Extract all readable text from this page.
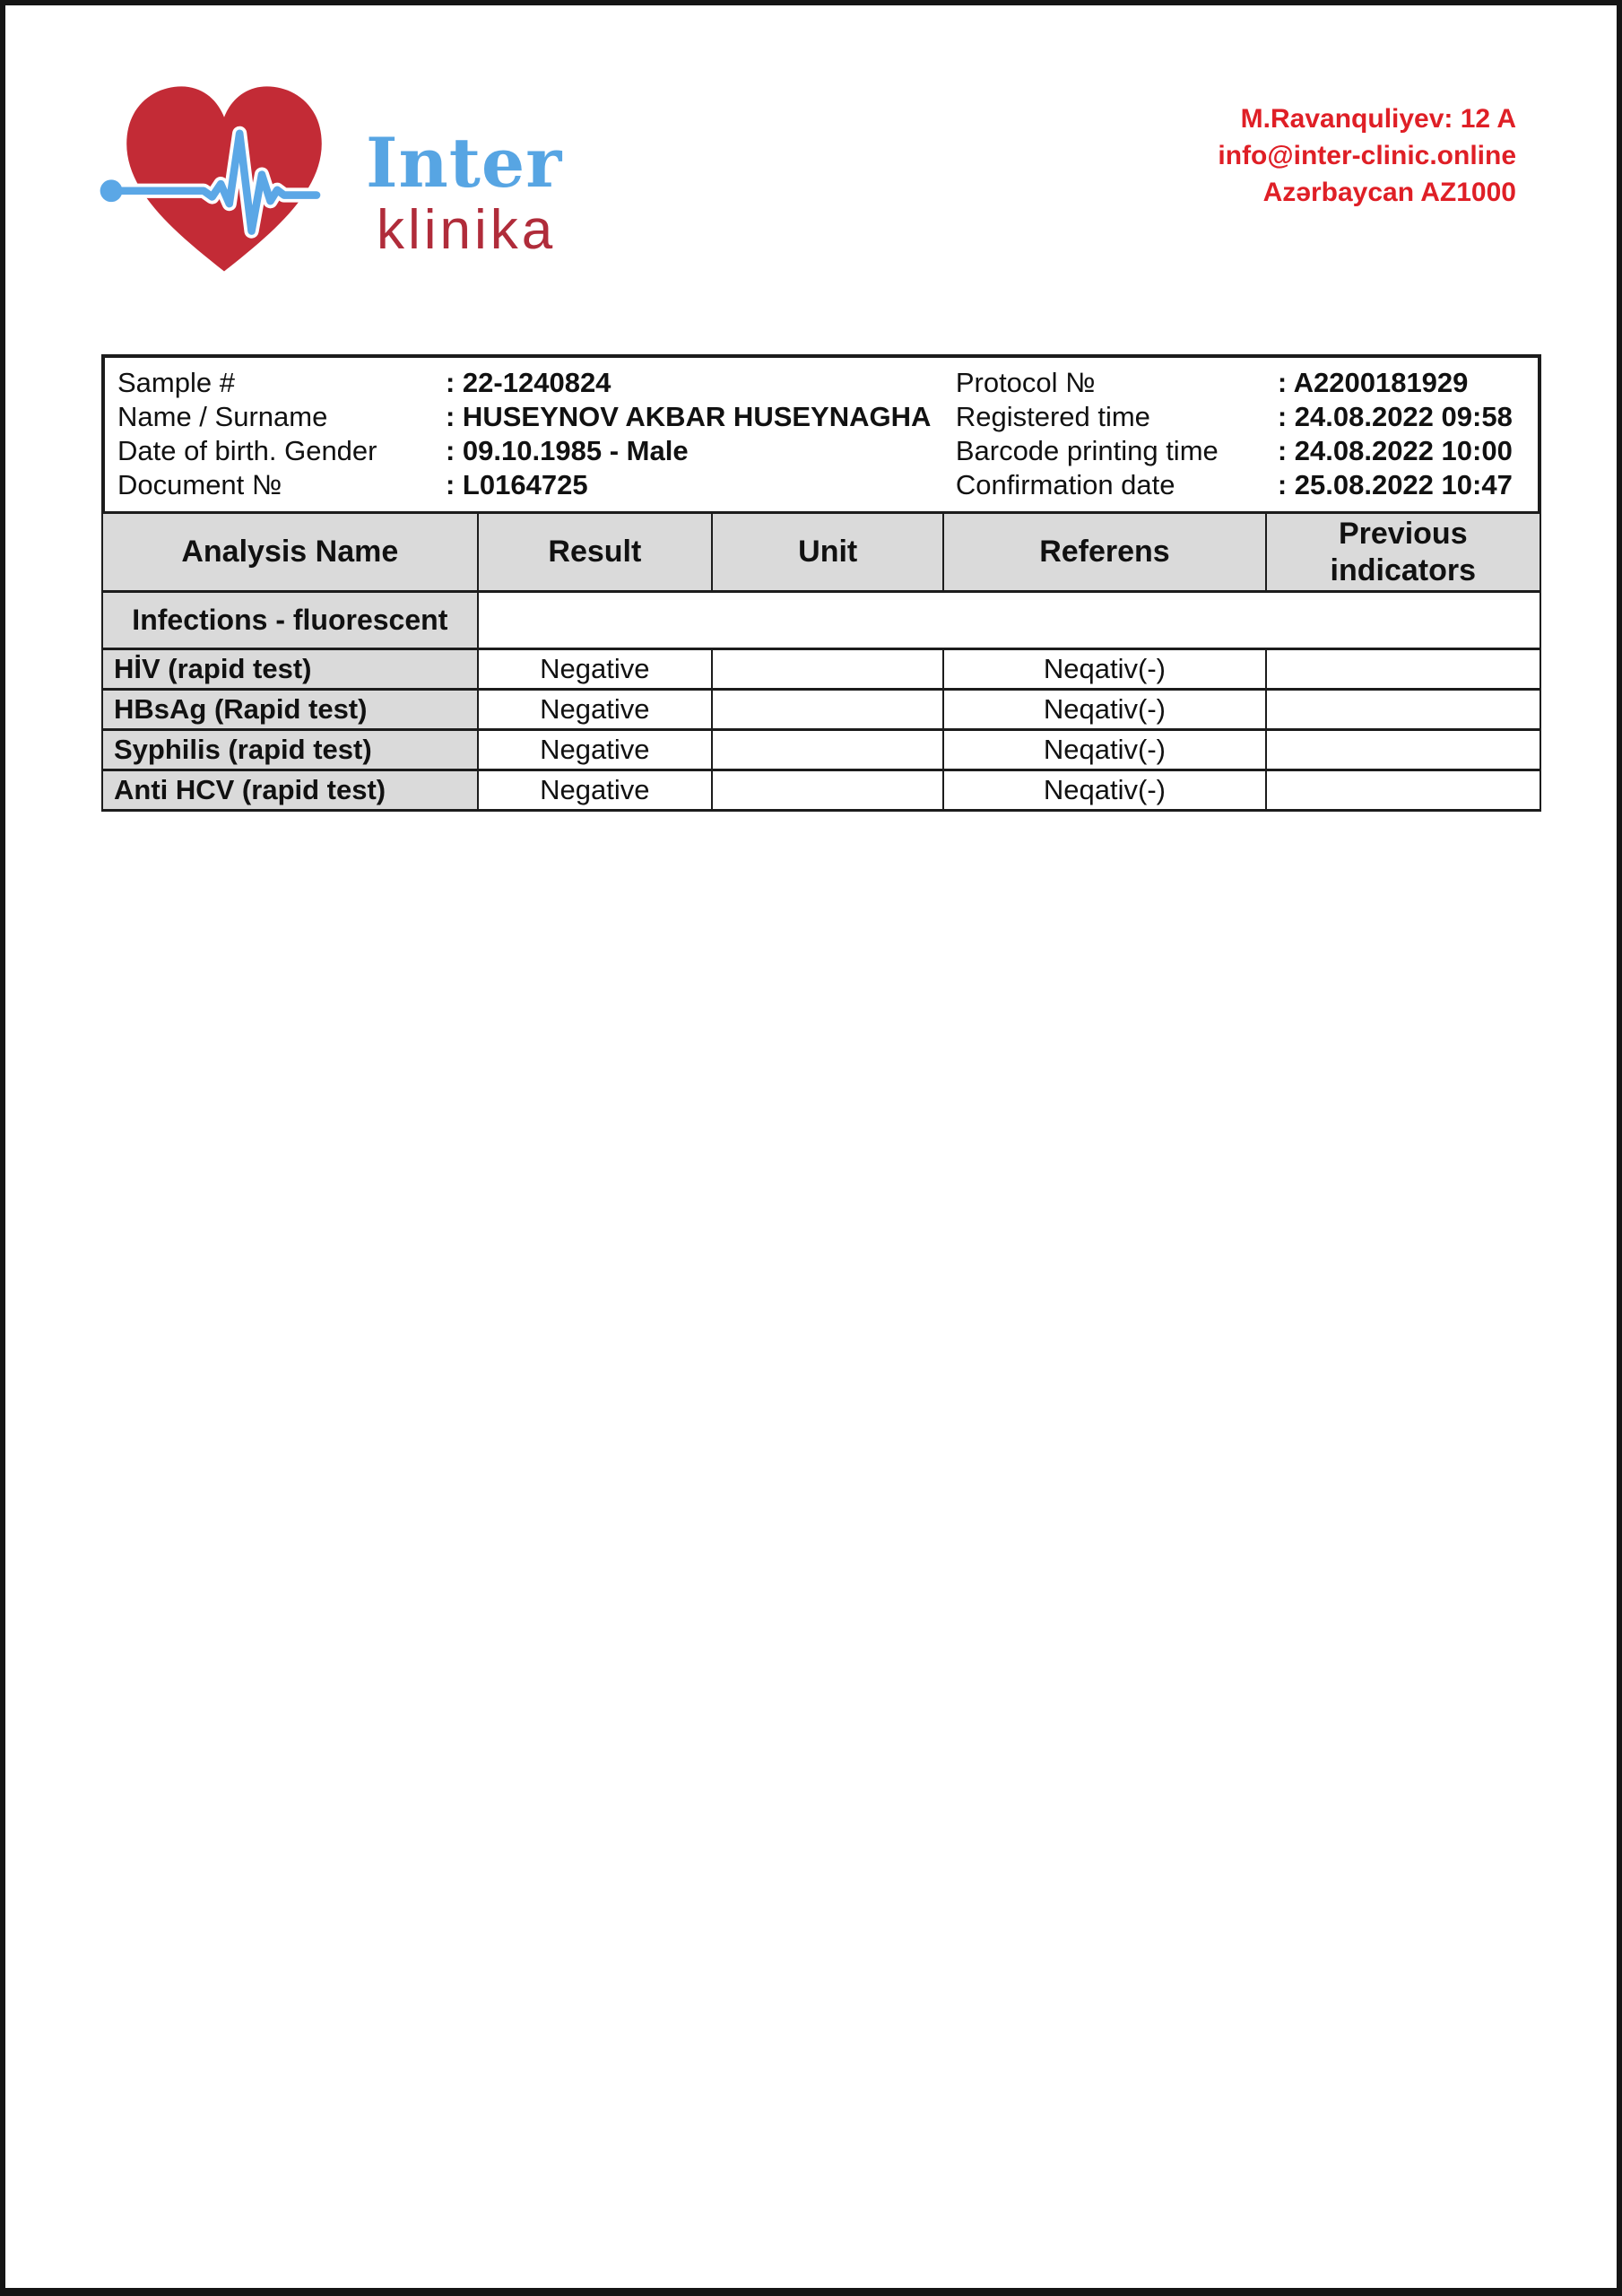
Inter
klinika
M.Ravanquliyev: 12 A
info@inter-clinic.online
Azərbaycan AZ1000
Sample #	: 22-1240824
Name / Surname	: HUSEYNOV AKBAR HUSEYNAGHA
Date of birth. Gender	: 09.10.1985 - Male
Document №	: L0164725
Protocol №	: A2200181929
Registered time	: 24.08.2022 09:58
Barcode printing time	: 24.08.2022 10:00
Confirmation date	: 25.08.2022 10:47
Analysis Name	Result	Unit	Referens	Previous indicators
Infections - fluorescent				
HİV (rapid test)	Negative		Neqativ(-)	
HBsAg (Rapid test)	Negative		Neqativ(-)	
Syphilis (rapid test)	Negative		Neqativ(-)	
Anti HCV (rapid test)	Negative		Neqativ(-)	
